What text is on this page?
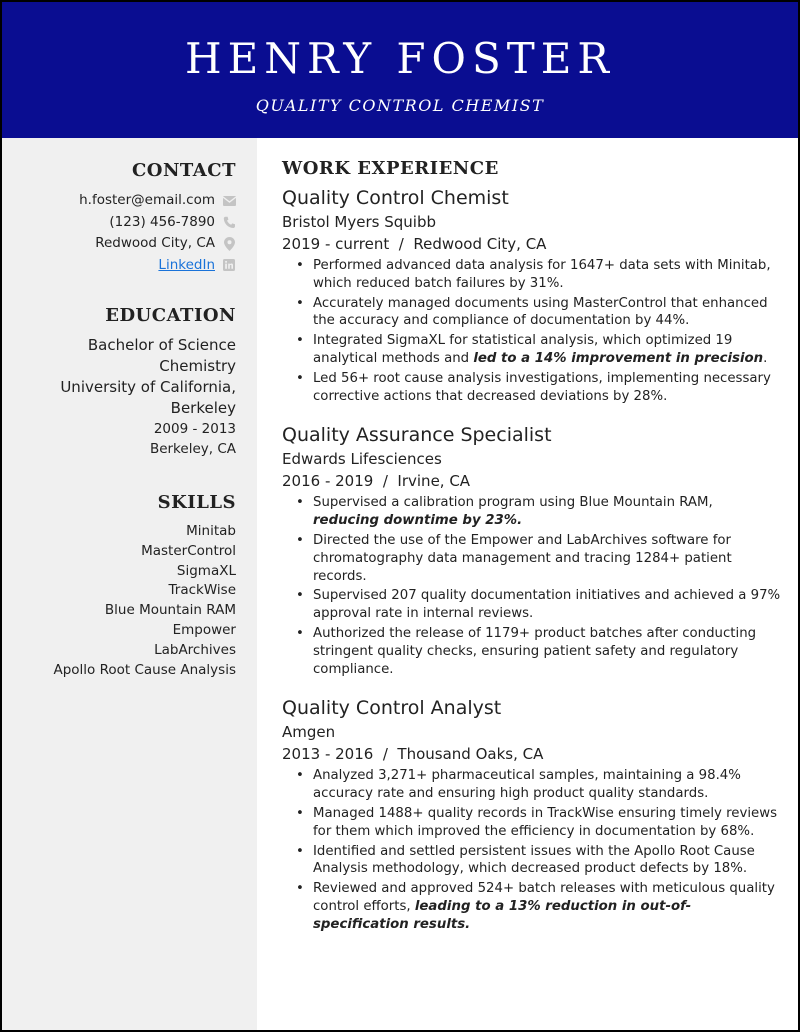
HENRY FOSTER
QUALITY CONTROL CHEMIST
CONTACT
h.foster@email.com
(123) 456-7890
Redwood City, CA
LinkedIn
EDUCATION
Bachelor of Science
Chemistry
University of California,
Berkeley
2009 - 2013
Berkeley, CA
SKILLS
Minitab
MasterControl
SigmaXL
TrackWise
Blue Mountain RAM
Empower
LabArchives
Apollo Root Cause Analysis
WORK EXPERIENCE
Quality Control Chemist
Bristol Myers Squibb
2019 - current  /  Redwood City, CA
• Performed advanced data analysis for 1647+ data sets with Minitab, which reduced batch failures by 31%.
• Accurately managed documents using MasterControl that enhanced the accuracy and compliance of documentation by 44%.
• Integrated SigmaXL for statistical analysis, which optimized 19 analytical methods and led to a 14% improvement in precision.
• Led 56+ root cause analysis investigations, implementing necessary corrective actions that decreased deviations by 28%.
Quality Assurance Specialist
Edwards Lifesciences
2016 - 2019  /  Irvine, CA
• Supervised a calibration program using Blue Mountain RAM, reducing downtime by 23%.
• Directed the use of the Empower and LabArchives software for chromatography data management and tracing 1284+ patient records.
• Supervised 207 quality documentation initiatives and achieved a 97% approval rate in internal reviews.
• Authorized the release of 1179+ product batches after conducting stringent quality checks, ensuring patient safety and regulatory compliance.
Quality Control Analyst
Amgen
2013 - 2016  /  Thousand Oaks, CA
• Analyzed 3,271+ pharmaceutical samples, maintaining a 98.4% accuracy rate and ensuring high product quality standards.
• Managed 1488+ quality records in TrackWise ensuring timely reviews for them which improved the efficiency in documentation by 68%.
• Identified and settled persistent issues with the Apollo Root Cause Analysis methodology, which decreased product defects by 18%.
• Reviewed and approved 524+ batch releases with meticulous quality control efforts, leading to a 13% reduction in out-of-specification results.
